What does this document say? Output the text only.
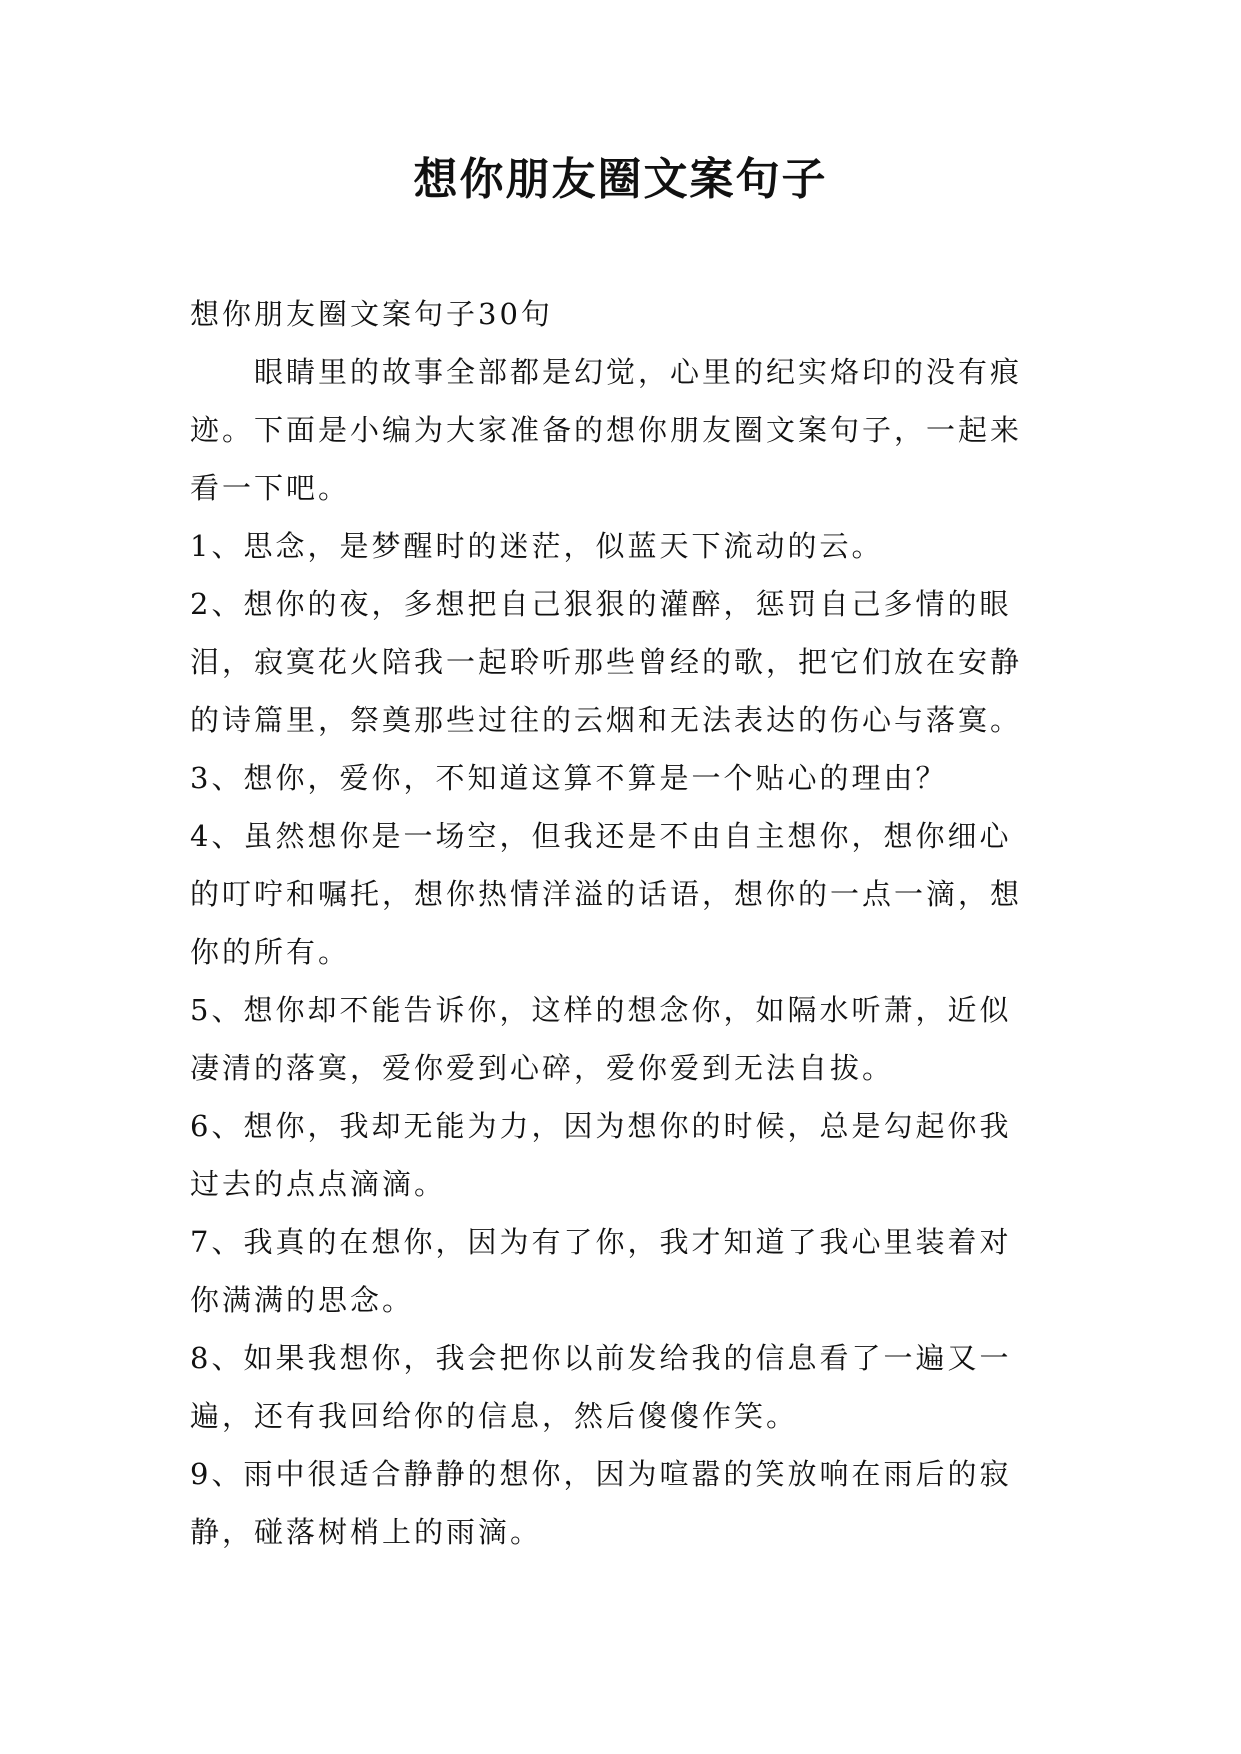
想你朋友圈文案句子

想你朋友圈文案句子30句

眼睛里的故事全部都是幻觉，心里的纪实烙印的没有痕

迹。下面是小编为大家准备的想你朋友圈文案句子，一起来

看一下吧。

1、思念，是梦醒时的迷茫，似蓝天下流动的云。

2、想你的夜，多想把自己狠狠的灌醉，惩罚自己多情的眼

泪，寂寞花火陪我一起聆听那些曾经的歌，把它们放在安静

的诗篇里，祭奠那些过往的云烟和无法表达的伤心与落寞。

3、想你，爱你，不知道这算不算是一个贴心的理由？

4、虽然想你是一场空，但我还是不由自主想你，想你细心

的叮咛和嘱托，想你热情洋溢的话语，想你的一点一滴，想

你的所有。

5、想你却不能告诉你，这样的想念你，如隔水听萧，近似

凄清的落寞，爱你爱到心碎，爱你爱到无法自拔。

6、想你，我却无能为力，因为想你的时候，总是勾起你我

过去的点点滴滴。

7、我真的在想你，因为有了你，我才知道了我心里装着对

你满满的思念。

8、如果我想你，我会把你以前发给我的信息看了一遍又一

遍，还有我回给你的信息，然后傻傻作笑。

9、雨中很适合静静的想你，因为喧嚣的笑放响在雨后的寂

静，碰落树梢上的雨滴。
